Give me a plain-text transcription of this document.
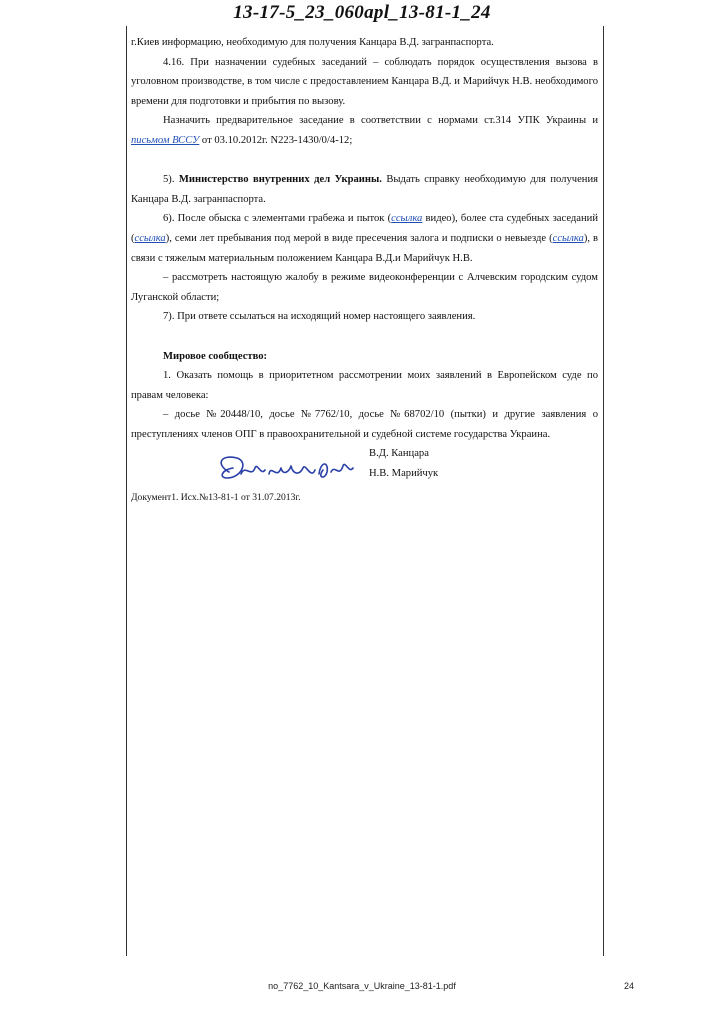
13-17-5_23_060apl_13-81-1_24

г.Киев информацию, необходимую для получения Канцара В.Д. загранпаспорта.

4.16. При назначении судебных заседаний – соблюдать порядок осуществления вызова в уголовном производстве, в том числе с предоставлением Канцара В.Д. и Марийчук Н.В. необходимого времени для подготовки и прибытия по вызову.

Назначить предварительное заседание в соответствии с нормами ст.314 УПК Украины и письмом ВССУ от 03.10.2012г. N223-1430/0/4-12;

5). Министерство внутренних дел Украины. Выдать справку необходимую для получения Канцара В.Д. загранпаспорта.

6). После обыска с элементами грабежа и пыток (ссылка видео), более ста судебных заседаний (ссылка), семи лет пребывания под мерой в виде пресечения залога и подписки о невыезде (ссылка), в связи с тяжелым материальным положением Канцара В.Д.и Марийчук Н.В.

– рассмотреть настоящую жалобу в режиме видеоконференции с Алчевским городским судом Луганской области;

7). При ответе ссылаться на исходящий номер настоящего заявления.

Мировое сообщество:

1. Оказать помощь в приоритетном рассмотрении моих заявлений в Европейском суде по правам человека:

– досье №20448/10, досье №7762/10, досье №68702/10 (пытки) и другие заявления о преступлениях членов ОПГ в правоохранительной и судебной системе государства Украина.

В.Д. Канцара
Н.В. Марийчук

Документ1. Исх.№13-81-1 от 31.07.2013г.

no_7762_10_Kantsara_v_Ukraine_13-81-1.pdf	24
